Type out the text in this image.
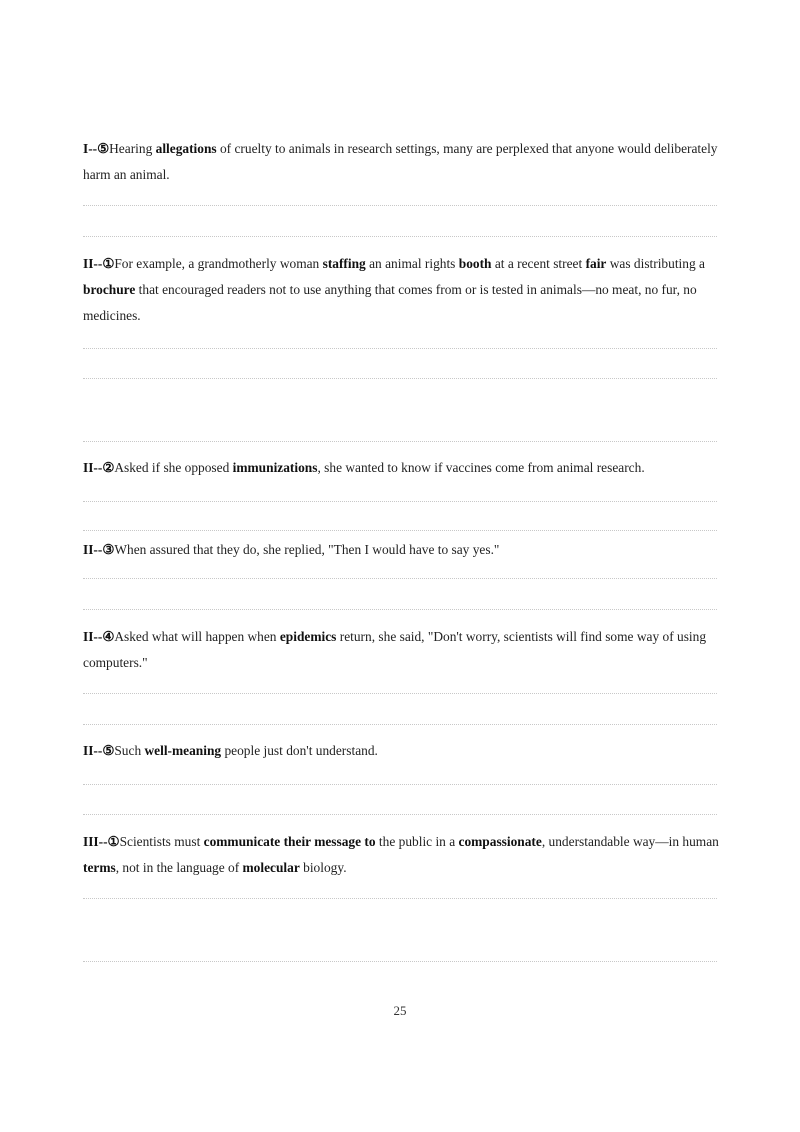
I--⑤Hearing allegations of cruelty to animals in research settings, many are perplexed that anyone would deliberately harm an animal.

II--①For example, a grandmotherly woman staffing an animal rights booth at a recent street fair was distributing a brochure that encouraged readers not to use anything that comes from or is tested in animals—no meat, no fur, no medicines.

II--②Asked if she opposed immunizations, she wanted to know if vaccines come from animal research.

II--③When assured that they do, she replied, "Then I would have to say yes."

II--④Asked what will happen when epidemics return, she said, "Don't worry, scientists will find some way of using computers."

II--⑤Such well-meaning people just don't understand.

III--①Scientists must communicate their message to the public in a compassionate, understandable way—in human terms, not in the language of molecular biology.

25
